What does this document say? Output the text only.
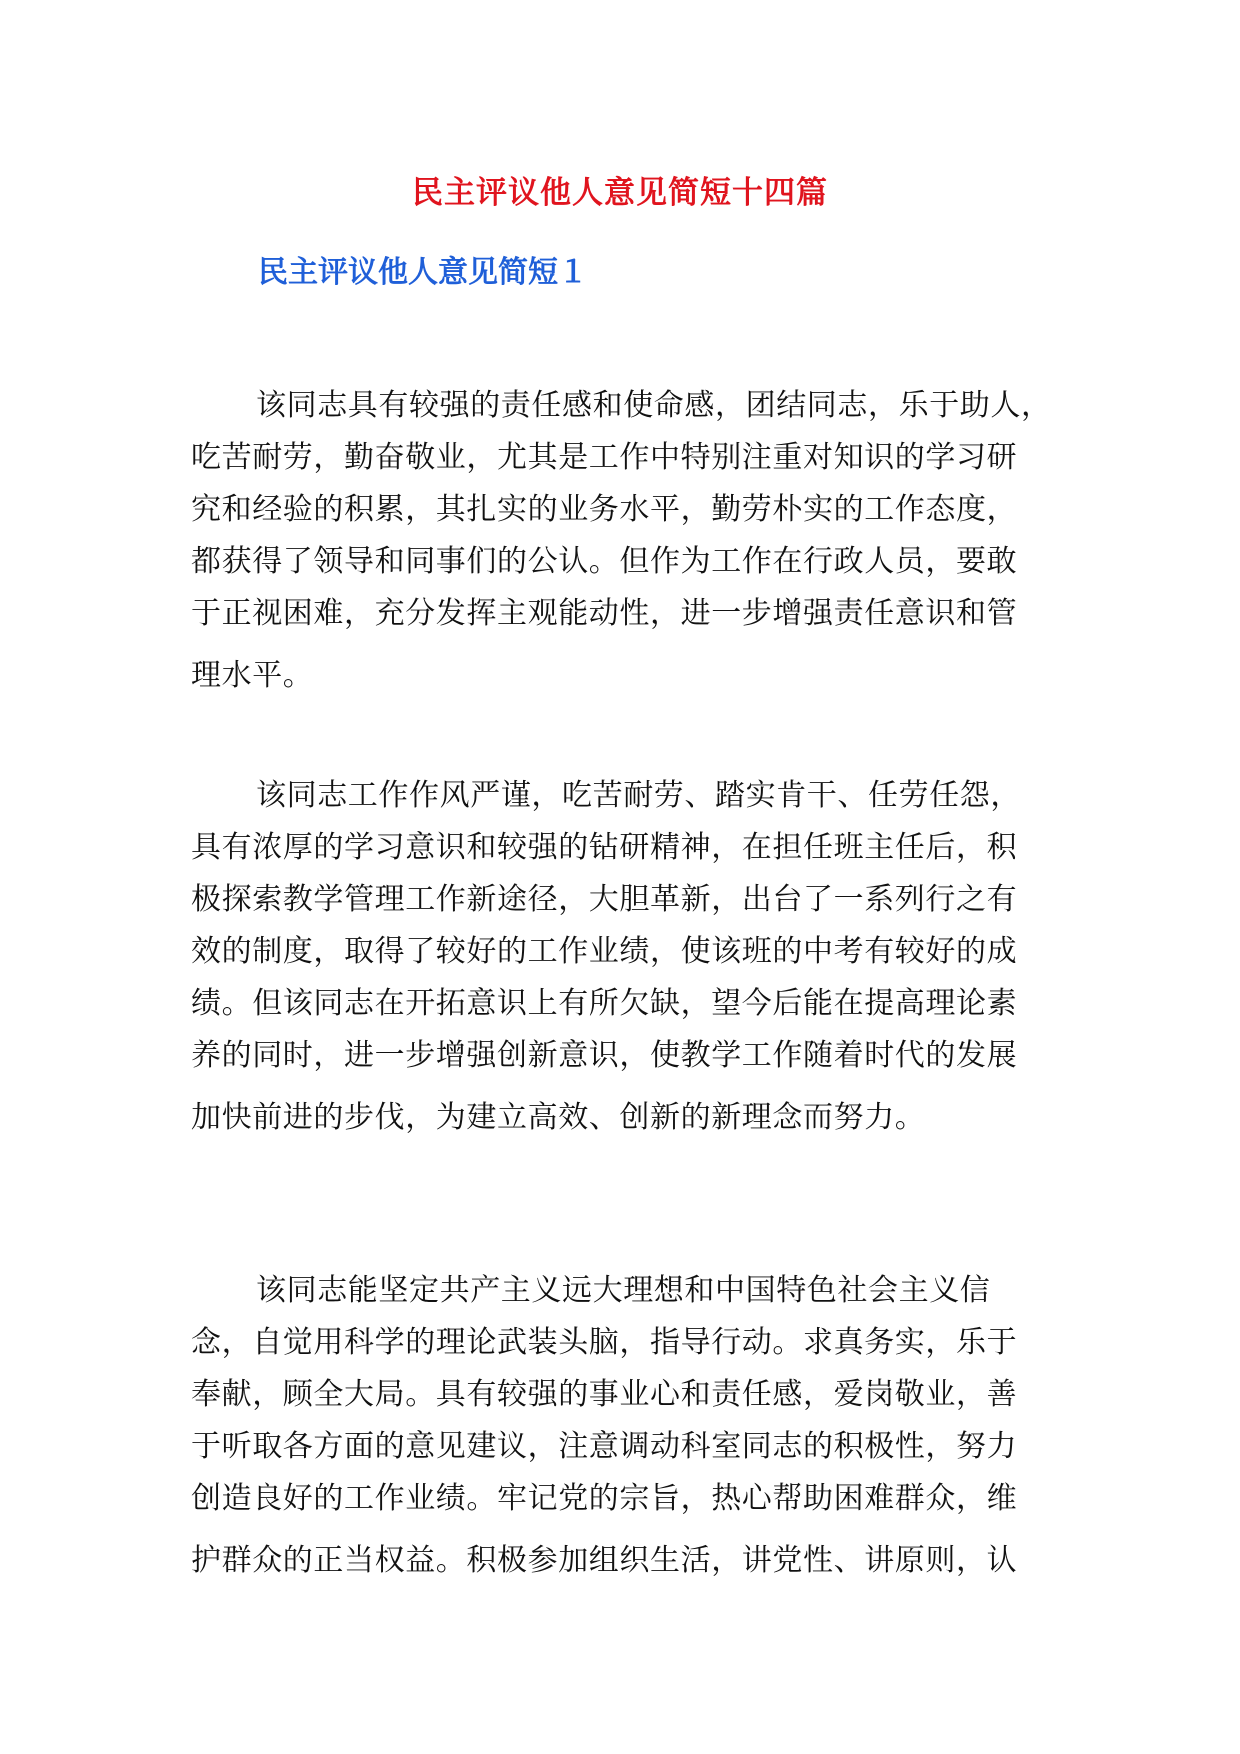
民主评议他人意见简短十四篇
民主评议他人意见简短１
该同志具有较强的责任感和使命感，团结同志，乐于助人，
吃苦耐劳，勤奋敬业，尤其是工作中特别注重对知识的学习研
究和经验的积累，其扎实的业务水平，勤劳朴实的工作态度，
都获得了领导和同事们的公认。但作为工作在行政人员，要敢
于正视困难，充分发挥主观能动性，进一步增强责任意识和管
理水平。
该同志工作作风严谨，吃苦耐劳、踏实肯干、任劳任怨，
具有浓厚的学习意识和较强的钻研精神，在担任班主任后，积
极探索教学管理工作新途径，大胆革新，出台了一系列行之有
效的制度，取得了较好的工作业绩，使该班的中考有较好的成
绩。但该同志在开拓意识上有所欠缺，望今后能在提高理论素
养的同时，进一步增强创新意识，使教学工作随着时代的发展
加快前进的步伐，为建立高效、创新的新理念而努力。
该同志能坚定共产主义远大理想和中国特色社会主义信
念，自觉用科学的理论武装头脑，指导行动。求真务实，乐于
奉献，顾全大局。具有较强的事业心和责任感，爱岗敬业，善
于听取各方面的意见建议，注意调动科室同志的积极性，努力
创造良好的工作业绩。牢记党的宗旨，热心帮助困难群众，维
护群众的正当权益。积极参加组织生活，讲党性、讲原则，认
